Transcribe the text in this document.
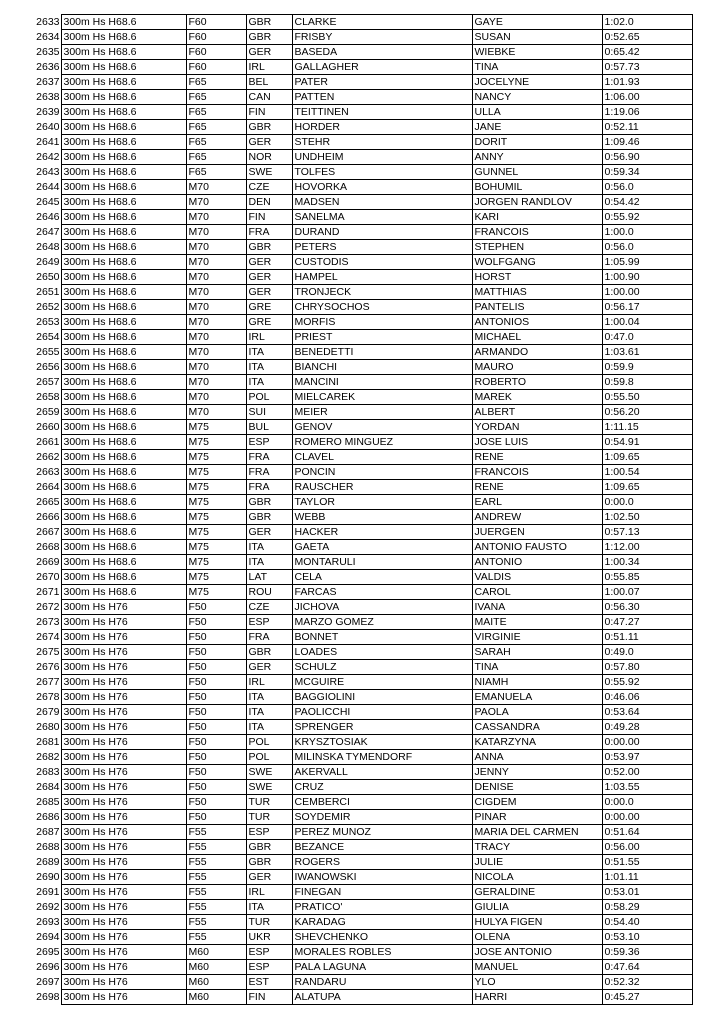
2633	300m Hs H68.6	F60	GBR	CLARKE	GAYE	1:02.0
2634	300m Hs H68.6	F60	GBR	FRISBY	SUSAN	0:52.65
2635	300m Hs H68.6	F60	GER	BASEDA	WIEBKE	0:65.42
2636	300m Hs H68.6	F60	IRL	GALLAGHER	TINA	0:57.73
2637	300m Hs H68.6	F65	BEL	PATER	JOCELYNE	1:01.93
2638	300m Hs H68.6	F65	CAN	PATTEN	NANCY	1:06.00
2639	300m Hs H68.6	F65	FIN	TEITTINEN	ULLA	1:19.06
2640	300m Hs H68.6	F65	GBR	HORDER	JANE	0:52.11
2641	300m Hs H68.6	F65	GER	STEHR	DORIT	1:09.46
2642	300m Hs H68.6	F65	NOR	UNDHEIM	ANNY	0:56.90
2643	300m Hs H68.6	F65	SWE	TOLFES	GUNNEL	0:59.34
2644	300m Hs H68.6	M70	CZE	HOVORKA	BOHUMIL	0:56.0
2645	300m Hs H68.6	M70	DEN	MADSEN	JORGEN RANDLOV	0:54.42
2646	300m Hs H68.6	M70	FIN	SANELMA	KARI	0:55.92
2647	300m Hs H68.6	M70	FRA	DURAND	FRANCOIS	1:00.0
2648	300m Hs H68.6	M70	GBR	PETERS	STEPHEN	0:56.0
2649	300m Hs H68.6	M70	GER	CUSTODIS	WOLFGANG	1:05.99
2650	300m Hs H68.6	M70	GER	HAMPEL	HORST	1:00.90
2651	300m Hs H68.6	M70	GER	TRONJECK	MATTHIAS	1:00.00
2652	300m Hs H68.6	M70	GRE	CHRYSOCHOS	PANTELIS	0:56.17
2653	300m Hs H68.6	M70	GRE	MORFIS	ANTONIOS	1:00.04
2654	300m Hs H68.6	M70	IRL	PRIEST	MICHAEL	0:47.0
2655	300m Hs H68.6	M70	ITA	BENEDETTI	ARMANDO	1:03.61
2656	300m Hs H68.6	M70	ITA	BIANCHI	MAURO	0:59.9
2657	300m Hs H68.6	M70	ITA	MANCINI	ROBERTO	0:59.8
2658	300m Hs H68.6	M70	POL	MIELCAREK	MAREK	0:55.50
2659	300m Hs H68.6	M70	SUI	MEIER	ALBERT	0:56.20
2660	300m Hs H68.6	M75	BUL	GENOV	YORDAN	1:11.15
2661	300m Hs H68.6	M75	ESP	ROMERO MINGUEZ	JOSE LUIS	0:54.91
2662	300m Hs H68.6	M75	FRA	CLAVEL	RENE	1:09.65
2663	300m Hs H68.6	M75	FRA	PONCIN	FRANCOIS	1:00.54
2664	300m Hs H68.6	M75	FRA	RAUSCHER	RENE	1:09.65
2665	300m Hs H68.6	M75	GBR	TAYLOR	EARL	0:00.0
2666	300m Hs H68.6	M75	GBR	WEBB	ANDREW	1:02.50
2667	300m Hs H68.6	M75	GER	HACKER	JUERGEN	0:57.13
2668	300m Hs H68.6	M75	ITA	GAETA	ANTONIO FAUSTO	1:12.00
2669	300m Hs H68.6	M75	ITA	MONTARULI	ANTONIO	1:00.34
2670	300m Hs H68.6	M75	LAT	CELA	VALDIS	0:55.85
2671	300m Hs H68.6	M75	ROU	FARCAS	CAROL	1:00.07
2672	300m Hs H76	F50	CZE	JICHOVA	IVANA	0:56.30
2673	300m Hs H76	F50	ESP	MARZO GOMEZ	MAITE	0:47.27
2674	300m Hs H76	F50	FRA	BONNET	VIRGINIE	0:51.11
2675	300m Hs H76	F50	GBR	LOADES	SARAH	0:49.0
2676	300m Hs H76	F50	GER	SCHULZ	TINA	0:57.80
2677	300m Hs H76	F50	IRL	MCGUIRE	NIAMH	0:55.92
2678	300m Hs H76	F50	ITA	BAGGIOLINI	EMANUELA	0:46.06
2679	300m Hs H76	F50	ITA	PAOLICCHI	PAOLA	0:53.64
2680	300m Hs H76	F50	ITA	SPRENGER	CASSANDRA	0:49.28
2681	300m Hs H76	F50	POL	KRYSZTOSIAK	KATARZYNA	0:00.00
2682	300m Hs H76	F50	POL	MILINSKA TYMENDORF	ANNA	0:53.97
2683	300m Hs H76	F50	SWE	AKERVALL	JENNY	0:52.00
2684	300m Hs H76	F50	SWE	CRUZ	DENISE	1:03.55
2685	300m Hs H76	F50	TUR	CEMBERCI	CIGDEM	0:00.0
2686	300m Hs H76	F50	TUR	SOYDEMIR	PINAR	0:00.00
2687	300m Hs H76	F55	ESP	PEREZ MUNOZ	MARIA DEL CARMEN	0:51.64
2688	300m Hs H76	F55	GBR	BEZANCE	TRACY	0:56.00
2689	300m Hs H76	F55	GBR	ROGERS	JULIE	0:51.55
2690	300m Hs H76	F55	GER	IWANOWSKI	NICOLA	1:01.11
2691	300m Hs H76	F55	IRL	FINEGAN	GERALDINE	0:53.01
2692	300m Hs H76	F55	ITA	PRATICO'	GIULIA	0:58.29
2693	300m Hs H76	F55	TUR	KARADAG	HULYA FIGEN	0:54.40
2694	300m Hs H76	F55	UKR	SHEVCHENKO	OLENA	0:53.10
2695	300m Hs H76	M60	ESP	MORALES ROBLES	JOSE ANTONIO	0:59.36
2696	300m Hs H76	M60	ESP	PALA LAGUNA	MANUEL	0:47.64
2697	300m Hs H76	M60	EST	RANDARU	YLO	0:52.32
2698	300m Hs H76	M60	FIN	ALATUPA	HARRI	0:45.27
